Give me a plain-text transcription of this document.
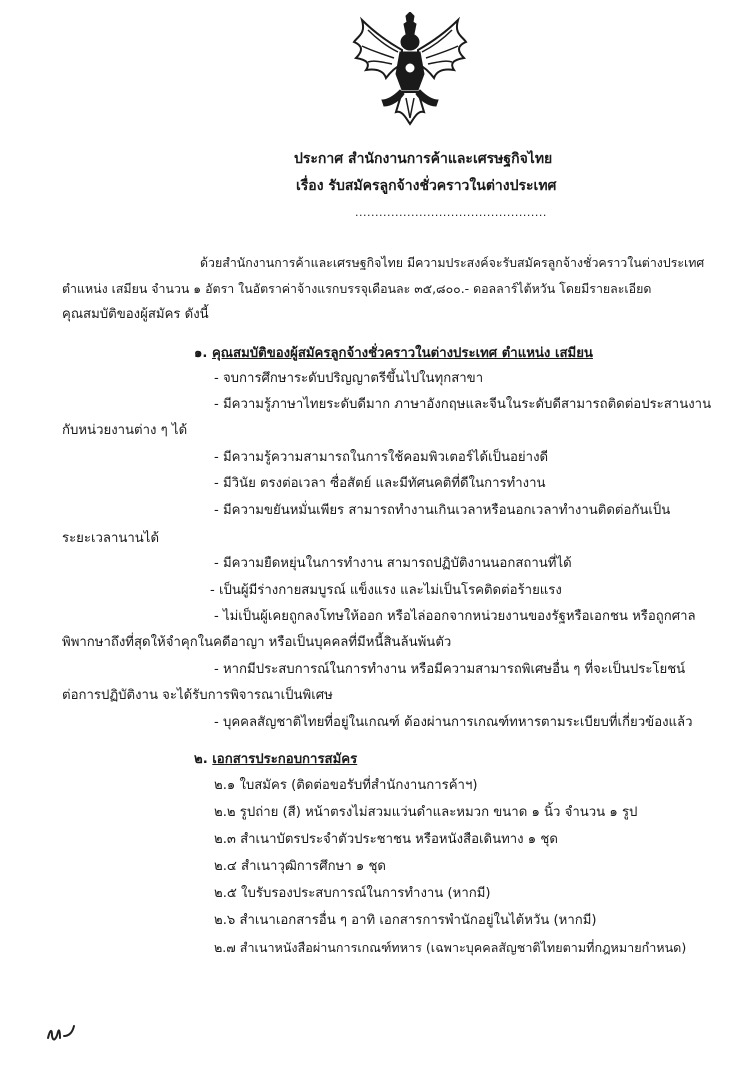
ประกาศ สำนักงานการค้าและเศรษฐกิจไทย
เรื่อง รับสมัครลูกจ้างชั่วคราวในต่างประเทศ
................................................
ด้วยสำนักงานการค้าและเศรษฐกิจไทย มีความประสงค์จะรับสมัครลูกจ้างชั่วคราวในต่างประเทศ
ตำแหน่ง เสมียน จำนวน ๑ อัตรา ในอัตราค่าจ้างแรกบรรจุเดือนละ ๓๕,๘๐๐.- ดอลลาร์ไต้หวัน โดยมีรายละเอียด
คุณสมบัติของผู้สมัคร ดังนี้
๑. คุณสมบัติของผู้สมัครลูกจ้างชั่วคราวในต่างประเทศ ตำแหน่ง เสมียน
- จบการศึกษาระดับปริญญาตรีขึ้นไปในทุกสาขา
- มีความรู้ภาษาไทยระดับดีมาก ภาษาอังกฤษและจีนในระดับดีสามารถติดต่อประสานงาน
กับหน่วยงานต่าง ๆ ได้
- มีความรู้ความสามารถในการใช้คอมพิวเตอร์ได้เป็นอย่างดี
- มีวินัย ตรงต่อเวลา ซื่อสัตย์ และมีทัศนคติที่ดีในการทำงาน
- มีความขยันหมั่นเพียร สามารถทำงานเกินเวลาหรือนอกเวลาทำงานติดต่อกันเป็น
ระยะเวลานานได้
- มีความยืดหยุ่นในการทำงาน สามารถปฏิบัติงานนอกสถานที่ได้
- เป็นผู้มีร่างกายสมบูรณ์ แข็งแรง และไม่เป็นโรคติดต่อร้ายแรง
- ไม่เป็นผู้เคยถูกลงโทษให้ออก หรือไล่ออกจากหน่วยงานของรัฐหรือเอกชน หรือถูกศาล
พิพากษาถึงที่สุดให้จำคุกในคดีอาญา หรือเป็นบุคคลที่มีหนี้สินล้นพ้นตัว
- หากมีประสบการณ์ในการทำงาน หรือมีความสามารถพิเศษอื่น ๆ ที่จะเป็นประโยชน์
ต่อการปฏิบัติงาน จะได้รับการพิจารณาเป็นพิเศษ
- บุคคลสัญชาติไทยที่อยู่ในเกณฑ์ ต้องผ่านการเกณฑ์ทหารตามระเบียบที่เกี่ยวข้องแล้ว
๒. เอกสารประกอบการสมัคร
๒.๑ ใบสมัคร (ติดต่อขอรับที่สำนักงานการค้าฯ)
๒.๒ รูปถ่าย (สี) หน้าตรงไม่สวมแว่นดำและหมวก ขนาด ๑ นิ้ว จำนวน ๑ รูป
๒.๓ สำเนาบัตรประจำตัวประชาชน หรือหนังสือเดินทาง ๑ ชุด
๒.๔ สำเนาวุฒิการศึกษา ๑ ชุด
๒.๕ ใบรับรองประสบการณ์ในการทำงาน (หากมี)
๒.๖ สำเนาเอกสารอื่น ๆ อาทิ เอกสารการพำนักอยู่ในไต้หวัน (หากมี)
๒.๗ สำเนาหนังสือผ่านการเกณฑ์ทหาร (เฉพาะบุคคลสัญชาติไทยตามที่กฎหมายกำหนด)
